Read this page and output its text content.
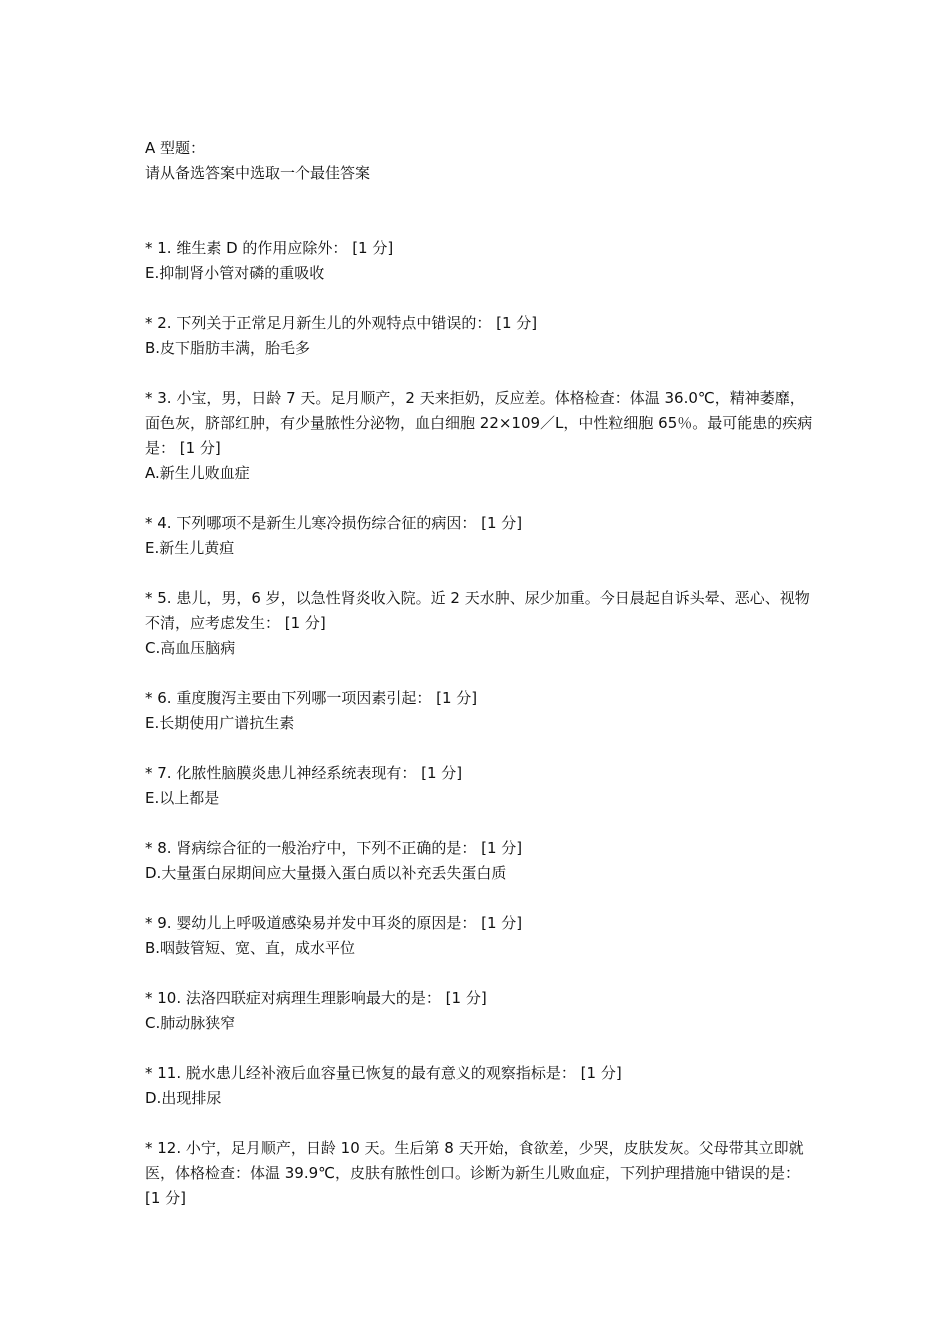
A 型题：

请从备选答案中选取一个最佳答案

* 1. 维生素 D 的作用应除外： [1 分]

E.抑制肾小管对磷的重吸收

* 2. 下列关于正常足月新生儿的外观特点中错误的： [1 分]

B.皮下脂肪丰满，胎毛多

* 3. 小宝，男，日龄 7 天。足月顺产，2 天来拒奶，反应差。体格检查：体温 36.0℃，精神萎靡，面色灰，脐部红肿，有少量脓性分泌物，血白细胞 22×109／L，中性粒细胞 65％。最可能患的疾病是： [1 分]

A.新生儿败血症

* 4. 下列哪项不是新生儿寒冷损伤综合征的病因： [1 分]

E.新生儿黄疸

* 5. 患儿，男，6 岁，以急性肾炎收入院。近 2 天水肿、尿少加重。今日晨起自诉头晕、恶心、视物不清，应考虑发生： [1 分]

C.高血压脑病

* 6. 重度腹泻主要由下列哪一项因素引起： [1 分]

E.长期使用广谱抗生素

* 7. 化脓性脑膜炎患儿神经系统表现有： [1 分]

E.以上都是

* 8. 肾病综合征的一般治疗中，下列不正确的是： [1 分]

D.大量蛋白尿期间应大量摄入蛋白质以补充丢失蛋白质

* 9. 婴幼儿上呼吸道感染易并发中耳炎的原因是： [1 分]

B.咽鼓管短、宽、直，成水平位

* 10. 法洛四联症对病理生理影响最大的是： [1 分]

C.肺动脉狭窄

* 11. 脱水患儿经补液后血容量已恢复的最有意义的观察指标是： [1 分]

D.出现排尿

* 12. 小宁，足月顺产，日龄 10 天。生后第 8 天开始，食欲差，少哭，皮肤发灰。父母带其立即就医，体格检查：体温 39.9℃，皮肤有脓性创口。诊断为新生儿败血症，下列护理措施中错误的是： [1 分]
